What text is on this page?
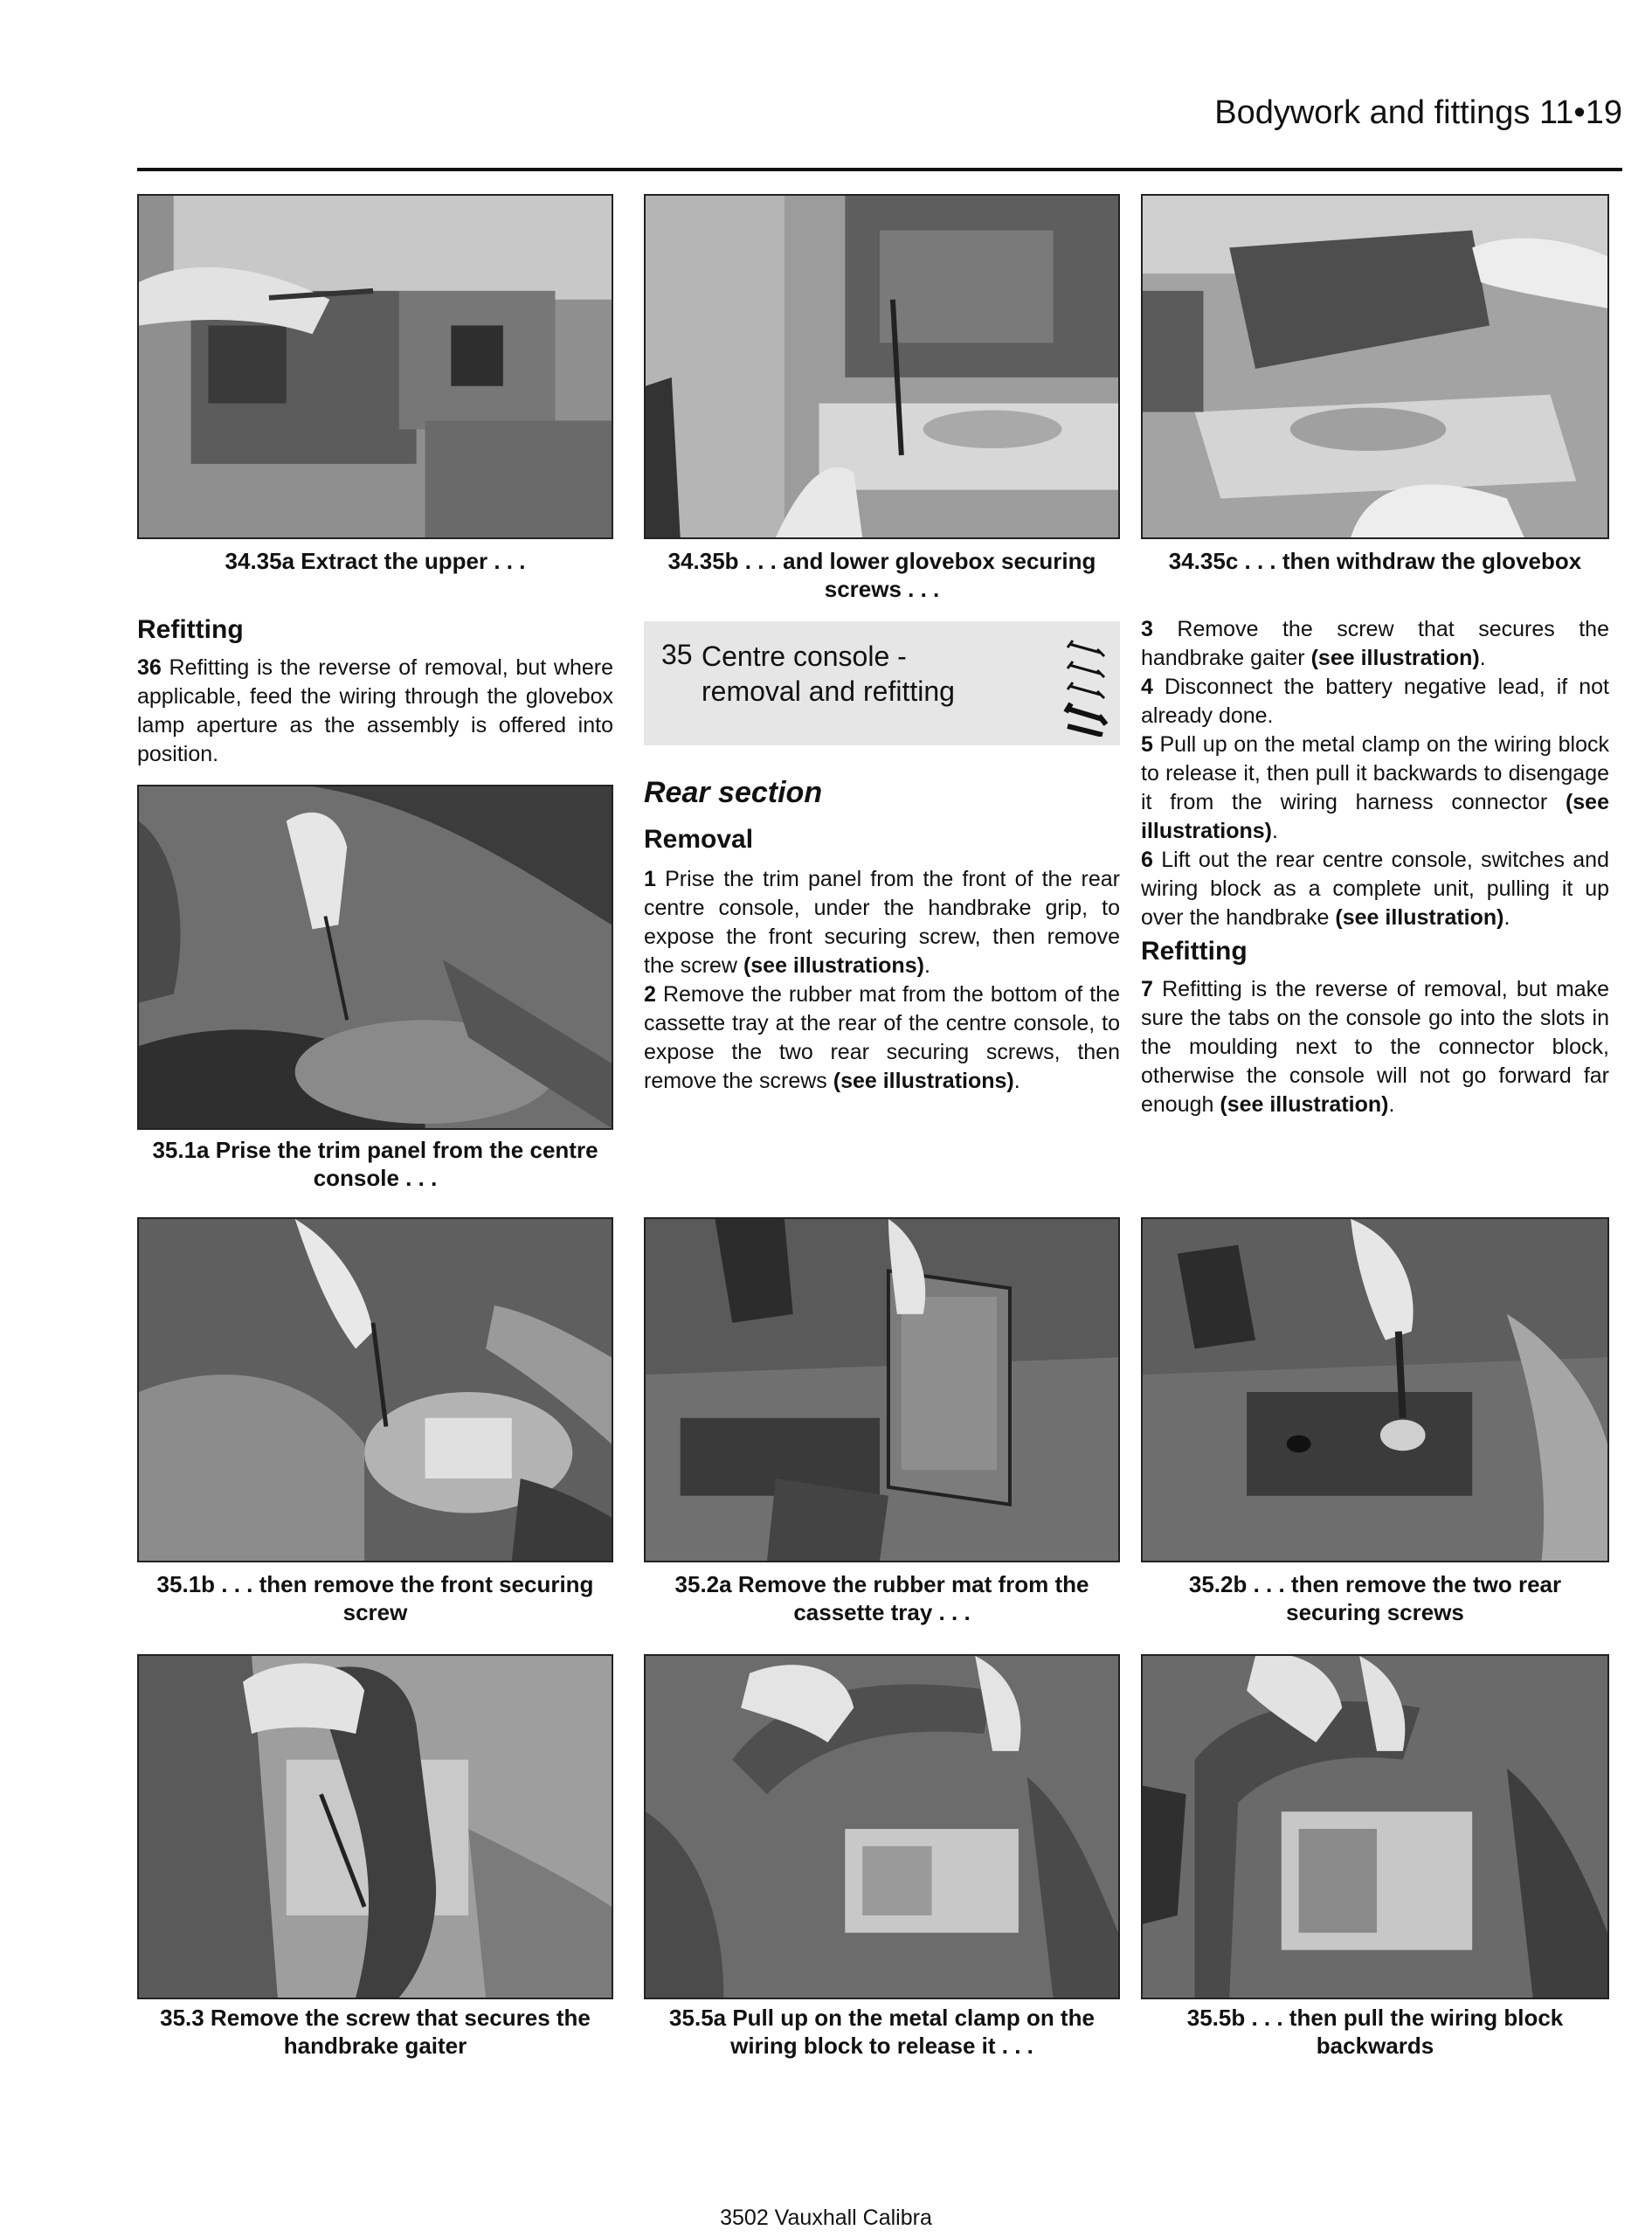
Bodywork and fittings 11•19
34.35a Extract the upper . . .	34.35b . . . and lower glovebox securing screws . . .
34.35c . . . then withdraw the glovebox
Refitting

36 Refitting is the reverse of removal, but where applicable, feed the wiring through the glovebox lamp aperture as the assembly is offered into position.

35.1a Prise the trim panel from the centre console . . .
35 Centre console -
removal and refitting
Rear section
Removal

1 Prise the trim panel from the front of the rear centre console, under the handbrake grip, to expose the front securing screw, then remove the screw (see illustrations).

2 Remove the rubber mat from the bottom of the cassette tray at the rear of the centre console, to expose the two rear securing screws, then remove the screws (see illustrations).

3 Remove the screw that secures the handbrake gaiter (see illustration).

4 Disconnect the battery negative lead, if not already done.

5 Pull up on the metal clamp on the wiring block to release it, then pull it backwards to disengage it from the wiring harness connector (see illustrations).

6 Lift out the rear centre console, switches and wiring block as a complete unit, pulling it up over the handbrake (see illustration).

Refitting

7 Refitting is the reverse of removal, but make sure the tabs on the console go into the slots in the moulding next to the connector block, otherwise the console will not go forward far enough (see illustration).

35.1b . . . then remove the front securing screw
35.2a Remove the rubber mat from the cassette tray . . .
35.2b . . . then remove the two rear securing screws
35.3 Remove the screw that secures the handbrake gaiter
35.5a Pull up on the metal clamp on the wiring block to release it . . .
35.5b . . . then pull the wiring block backwards
3502 Vauxhall Calibra
